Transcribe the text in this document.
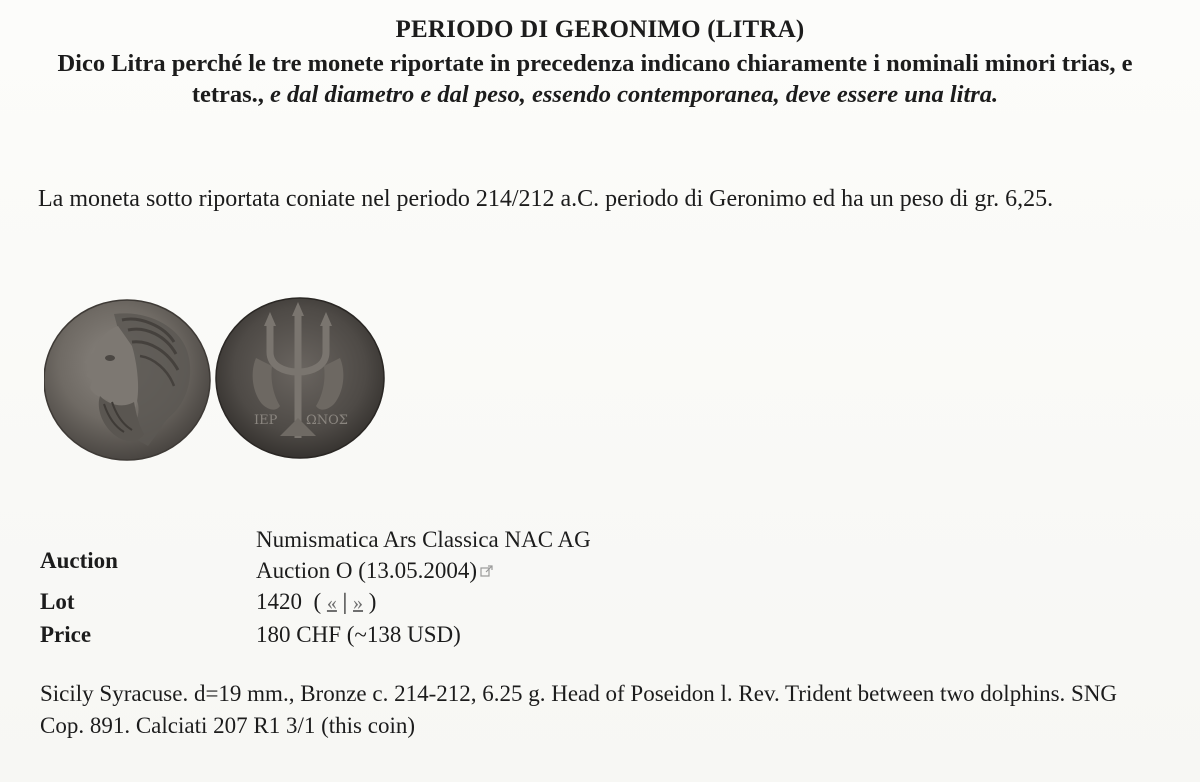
PERIODO DI GERONIMO (LITRA)
Dico Litra perché le tre monete riportate in precedenza indicano chiaramente i nominali minori trias, e tetras., e dal diametro e dal peso, essendo contemporanea, deve essere una litra.
La moneta sotto riportata coniate nel periodo 214/212 a.C. periodo di Geronimo ed ha un peso di gr. 6,25.
ΙΕΡ ΩΝΟΣ
Auction	Numismatica Ars Classica NAC AG
Auction O (13.05.2004)

Lot	1420 ( « | » )
Price	180 CHF (~138 USD)
Sicily Syracuse. d=19 mm., Bronze c. 214-212, 6.25 g. Head of Poseidon l. Rev. Trident between two dolphins. SNG Cop. 891. Calciati 207 R1 3/1 (this coin)
